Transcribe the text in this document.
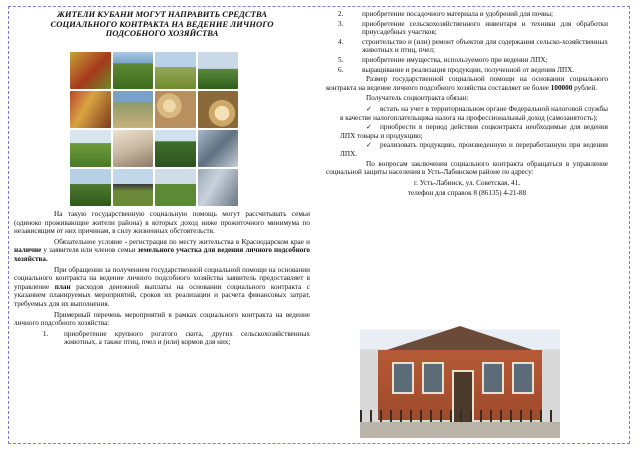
ЖИТЕЛИ КУБАНИ МОГУТ НАПРАВИТЬ СРЕДСТВА СОЦИАЛЬНОГО КОНТРАКТА НА ВЕДЕНИЕ ЛИЧНОГО ПОДСОБНОГО ХОЗЯЙСТВА

На такую государственную социальную помощь могут рассчитывать семьи (одиноко проживающие жители района) в которых доход ниже прожиточного минимума по независящим от них причинам, в силу жизненных обстоятельств.

Обязательное условие - регистрация по месту жительства в Краснодарском крае и наличие у заявителя или членов семьи земельного участка для ведения личного подсобного хозяйства.

При обращении за получением государственной социальной помощи на основании социального контракта на ведение личного подсобного хозяйства заявитель предоставляет в управление план расходов денежной выплаты на основании социального контракта с указанием планируемых мероприятий, сроков их реализации и расчета финансовых затрат, требуемых для их выполнения.

Примерный перечень мероприятий в рамках социального контракта на ведение личного подсобного хозяйства:

1. приобретение крупного рогатого скота, других сельскохозяйственных животных, а также птиц, пчел и (или) кормов для них;
2.	приобретение посадочного материала и удобрений для почвы;
3.	приобретение сельскохозяйственного инвентаря и техники для обработки приусадебных участков;
4.	строительство и (или) ремонт объектов для содержания сельско-хозяйственных животных и птиц, пчел;
5.	приобретение имущества, используемого при ведении ЛПХ;
6.	выращивание и реализация продукции, полученной от ведения ЛПХ.

Размер государственной социальной помощи на основании социального контракта на ведение личного подсобного хозяйства составляет не более 100000 рублей.

Получатель соцконтракта обязан:

✓ встать на учет в территориальном органе Федеральной налоговой службы в качестве налогоплательщика налога на профессиональный доход (самозанятость);
✓ приобрести в период действия соцконтракта необходимые для ведения ЛПХ товары и продукцию;
✓ реализовать продукцию, произведенную и переработанную при ведении ЛПХ.

По вопросам заключения социального контракта обращаться в управление социальной защиты населения в Усть-Лабинском районе по адресу:

г. Усть-Лабинск, ул. Советская, 41,

телефон для справок 8 (86135) 4-21-88
